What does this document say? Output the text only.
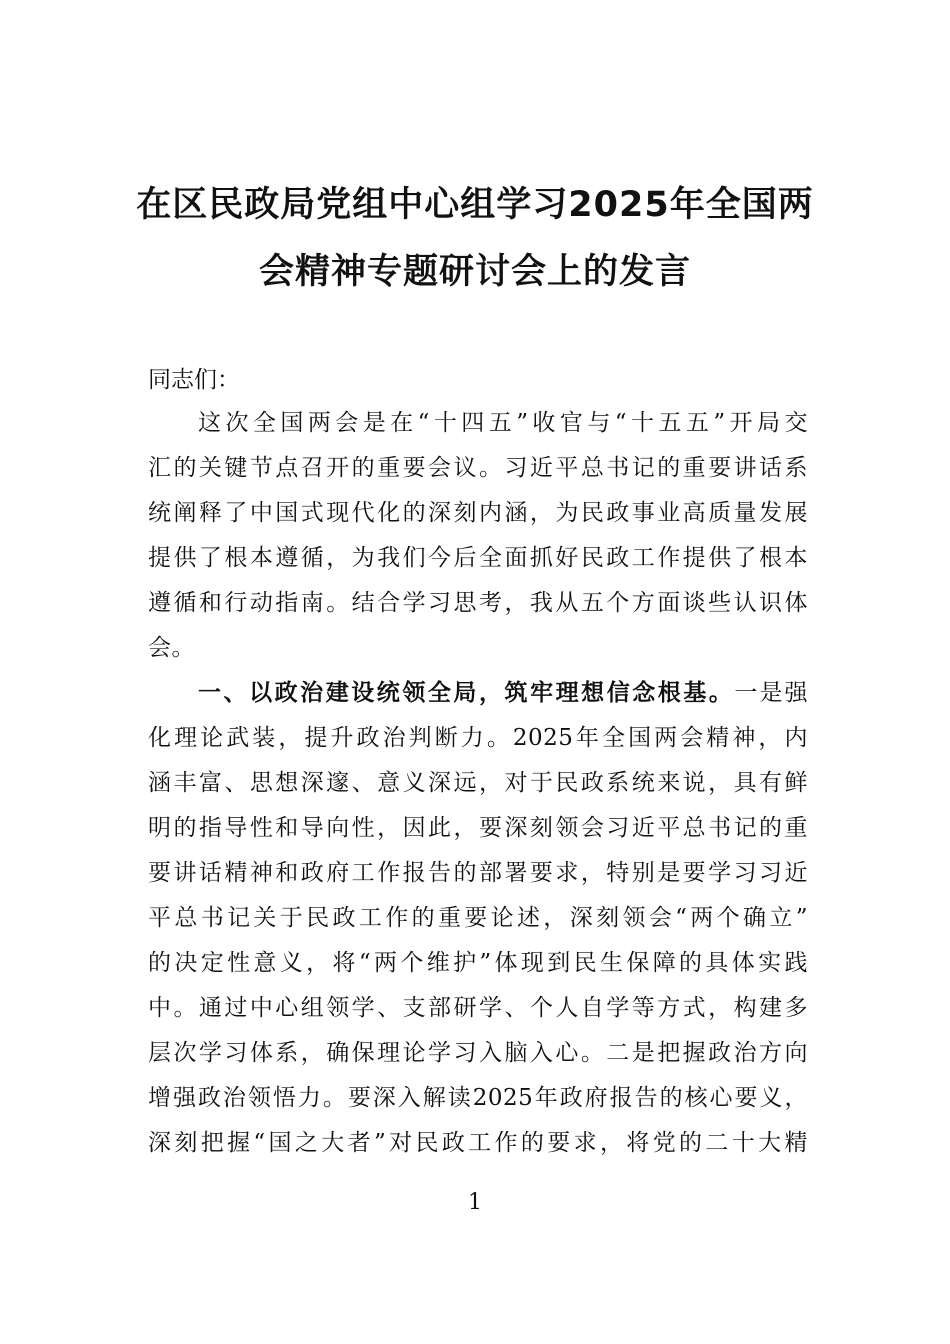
在区民政局党组中心组学习2025年全国两
会精神专题研讨会上的发言
同志们：
这次全国两会是在“十四五”收官与“十五五”开局交
汇的关键节点召开的重要会议。习近平总书记的重要讲话系
统阐释了中国式现代化的深刻内涵，为民政事业高质量发展
提供了根本遵循，为我们今后全面抓好民政工作提供了根本
遵循和行动指南。结合学习思考，我从五个方面谈些认识体
会。
一、以政治建设统领全局，筑牢理想信念根基。一是强
化理论武装，提升政治判断力。2025年全国两会精神，内
涵丰富、思想深邃、意义深远，对于民政系统来说，具有鲜
明的指导性和导向性，因此，要深刻领会习近平总书记的重
要讲话精神和政府工作报告的部署要求，特别是要学习习近
平总书记关于民政工作的重要论述，深刻领会“两个确立”
的决定性意义，将“两个维护”体现到民生保障的具体实践
中。通过中心组领学、支部研学、个人自学等方式，构建多
层次学习体系，确保理论学习入脑入心。二是把握政治方向
增强政治领悟力。要深入解读2025年政府报告的核心要义，
深刻把握“国之大者”对民政工作的要求，将党的二十大精
1
